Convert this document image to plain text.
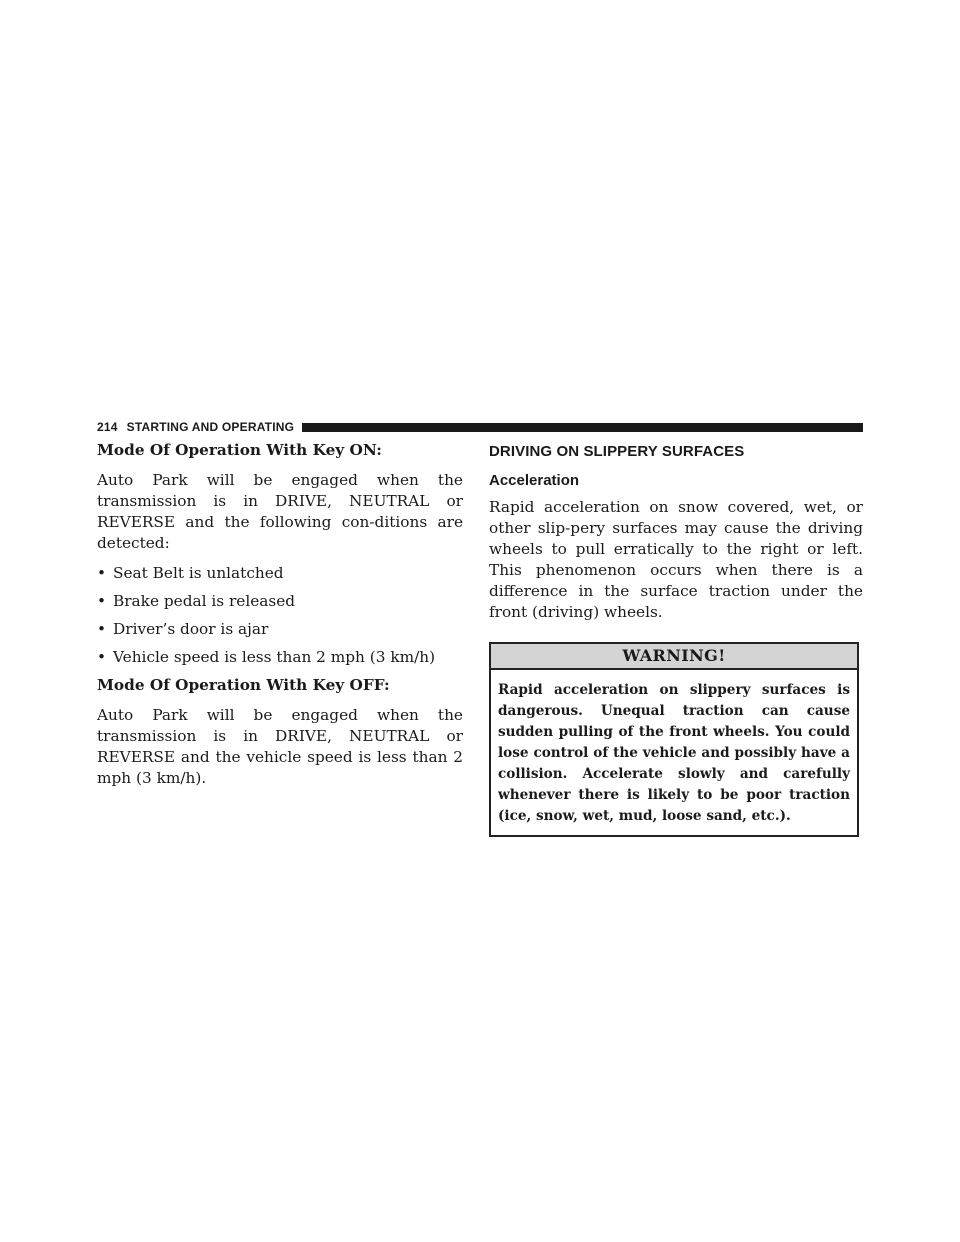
214 STARTING AND OPERATING

Mode Of Operation With Key ON:

Auto Park will be engaged when the transmission is in DRIVE, NEUTRAL or REVERSE and the following con-ditions are detected:

• Seat Belt is unlatched
• Brake pedal is released
• Driver’s door is ajar
• Vehicle speed is less than 2 mph (3 km/h)

Mode Of Operation With Key OFF:

Auto Park will be engaged when the transmission is in DRIVE, NEUTRAL or REVERSE and the vehicle speed is less than 2 mph (3 km/h).

DRIVING ON SLIPPERY SURFACES
Acceleration

Rapid acceleration on snow covered, wet, or other slip-pery surfaces may cause the driving wheels to pull erratically to the right or left. This phenomenon occurs when there is a difference in the surface traction under the front (driving) wheels.

WARNING!
Rapid acceleration on slippery surfaces is dangerous. Unequal traction can cause sudden pulling of the front wheels. You could lose control of the vehicle and possibly have a collision. Accelerate slowly and carefully whenever there is likely to be poor traction (ice, snow, wet, mud, loose sand, etc.).
